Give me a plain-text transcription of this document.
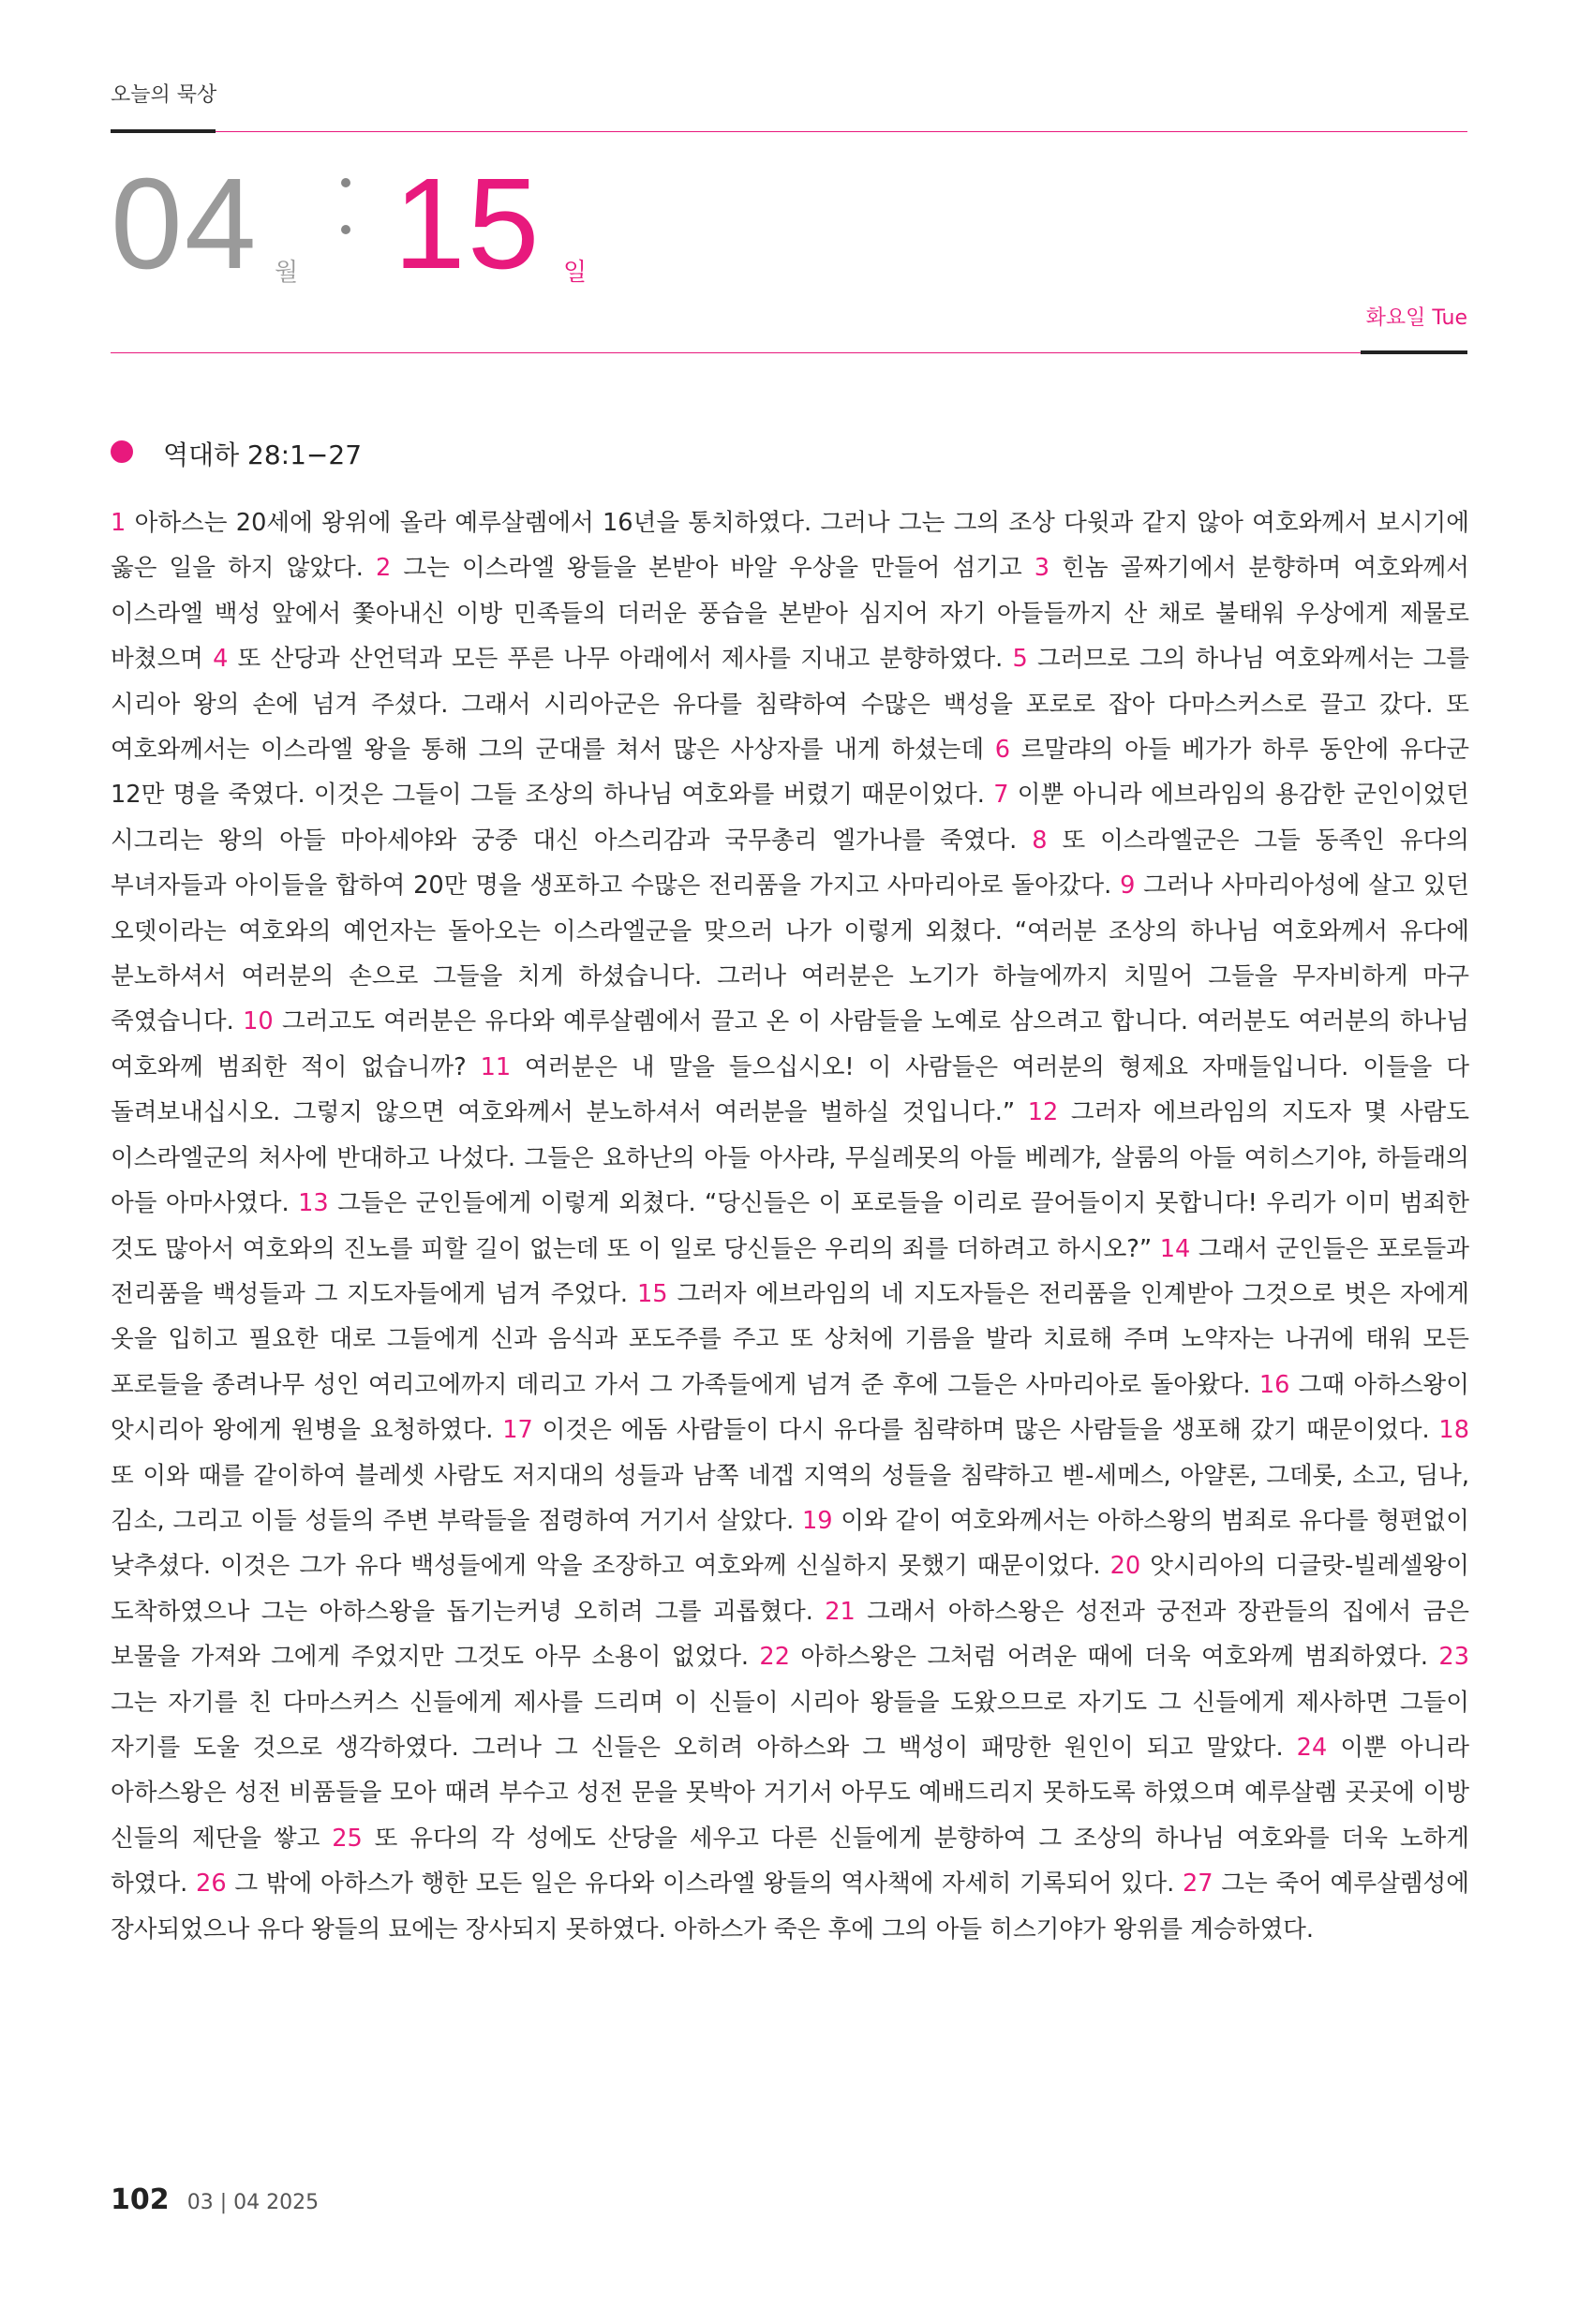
오늘의 묵상
04 월 15 일
화요일 Tue
역대하 28:1−27
1 아하스는 20세에 왕위에 올라 예루살렘에서 16년을 통치하였다. 그러나 그는 그의 조상 다윗과 같지 않아 여호와께서 보시기에 옳은 일을 하지 않았다. 2 그는 이스라엘 왕들을 본받아 바알 우상을 만들어 섬기고 3 힌놈 골짜기에서 분향하며 여호와께서 이스라엘 백성 앞에서 쫓아내신 이방 민족들의 더러운 풍습을 본받아 심지어 자기 아들들까지 산 채로 불태워 우상에게 제물로 바쳤으며 4 또 산당과 산언덕과 모든 푸른 나무 아래에서 제사를 지내고 분향하였다. 5 그러므로 그의 하나님 여호와께서는 그를 시리아 왕의 손에 넘겨 주셨다. 그래서 시리아군은 유다를 침략하여 수많은 백성을 포로로 잡아 다마스커스로 끌고 갔다. 또 여호와께서는 이스라엘 왕을 통해 그의 군대를 쳐서 많은 사상자를 내게 하셨는데 6 르말랴의 아들 베가가 하루 동안에 유다군 12만 명을 죽였다. 이것은 그들이 그들 조상의 하나님 여호와를 버렸기 때문이었다. 7 이뿐 아니라 에브라임의 용감한 군인이었던 시그리는 왕의 아들 마아세야와 궁중 대신 아스리감과 국무총리 엘가나를 죽였다. 8 또 이스라엘군은 그들 동족인 유다의 부녀자들과 아이들을 합하여 20만 명을 생포하고 수많은 전리품을 가지고 사마리아로 돌아갔다. 9 그러나 사마리아성에 살고 있던 오뎃이라는 여호와의 예언자는 돌아오는 이스라엘군을 맞으러 나가 이렇게 외쳤다. “여러분 조상의 하나님 여호와께서 유다에 분노하셔서 여러분의 손으로 그들을 치게 하셨습니다. 그러나 여러분은 노기가 하늘에까지 치밀어 그들을 무자비하게 마구 죽였습니다. 10 그러고도 여러분은 유다와 예루살렘에서 끌고 온 이 사람들을 노예로 삼으려고 합니다. 여러분도 여러분의 하나님 여호와께 범죄한 적이 없습니까? 11 여러분은 내 말을 들으십시오! 이 사람들은 여러분의 형제요 자매들입니다. 이들을 다 돌려보내십시오. 그렇지 않으면 여호와께서 분노하셔서 여러분을 벌하실 것입니다.” 12 그러자 에브라임의 지도자 몇 사람도 이스라엘군의 처사에 반대하고 나섰다. 그들은 요하난의 아들 아사랴, 무실레못의 아들 베레갸, 살룸의 아들 여히스기야, 하들래의 아들 아마사였다. 13 그들은 군인들에게 이렇게 외쳤다. “당신들은 이 포로들을 이리로 끌어들이지 못합니다! 우리가 이미 범죄한 것도 많아서 여호와의 진노를 피할 길이 없는데 또 이 일로 당신들은 우리의 죄를 더하려고 하시오?” 14 그래서 군인들은 포로들과 전리품을 백성들과 그 지도자들에게 넘겨 주었다. 15 그러자 에브라임의 네 지도자들은 전리품을 인계받아 그것으로 벗은 자에게 옷을 입히고 필요한 대로 그들에게 신과 음식과 포도주를 주고 또 상처에 기름을 발라 치료해 주며 노약자는 나귀에 태워 모든 포로들을 종려나무 성인 여리고에까지 데리고 가서 그 가족들에게 넘겨 준 후에 그들은 사마리아로 돌아왔다. 16 그때 아하스왕이 앗시리아 왕에게 원병을 요청하였다. 17 이것은 에돔 사람들이 다시 유다를 침략하며 많은 사람들을 생포해 갔기 때문이었다. 18 또 이와 때를 같이하여 블레셋 사람도 저지대의 성들과 남쪽 네겝 지역의 성들을 침략하고 벧-세메스, 아얄론, 그데롯, 소고, 딤나, 김소, 그리고 이들 성들의 주변 부락들을 점령하여 거기서 살았다. 19 이와 같이 여호와께서는 아하스왕의 범죄로 유다를 형편없이 낮추셨다. 이것은 그가 유다 백성들에게 악을 조장하고 여호와께 신실하지 못했기 때문이었다. 20 앗시리아의 디글랏-빌레셀왕이 도착하였으나 그는 아하스왕을 돕기는커녕 오히려 그를 괴롭혔다. 21 그래서 아하스왕은 성전과 궁전과 장관들의 집에서 금은 보물을 가져와 그에게 주었지만 그것도 아무 소용이 없었다. 22 아하스왕은 그처럼 어려운 때에 더욱 여호와께 범죄하였다. 23 그는 자기를 친 다마스커스 신들에게 제사를 드리며 이 신들이 시리아 왕들을 도왔으므로 자기도 그 신들에게 제사하면 그들이 자기를 도울 것으로 생각하였다. 그러나 그 신들은 오히려 아하스와 그 백성이 패망한 원인이 되고 말았다. 24 이뿐 아니라 아하스왕은 성전 비품들을 모아 때려 부수고 성전 문을 못박아 거기서 아무도 예배드리지 못하도록 하였으며 예루살렘 곳곳에 이방 신들의 제단을 쌓고 25 또 유다의 각 성에도 산당을 세우고 다른 신들에게 분향하여 그 조상의 하나님 여호와를 더욱 노하게 하였다. 26 그 밖에 아하스가 행한 모든 일은 유다와 이스라엘 왕들의 역사책에 자세히 기록되어 있다. 27 그는 죽어 예루살렘성에 장사되었으나 유다 왕들의 묘에는 장사되지 못하였다. 아하스가 죽은 후에 그의 아들 히스기야가 왕위를 계승하였다.
102 03 | 04 2025
